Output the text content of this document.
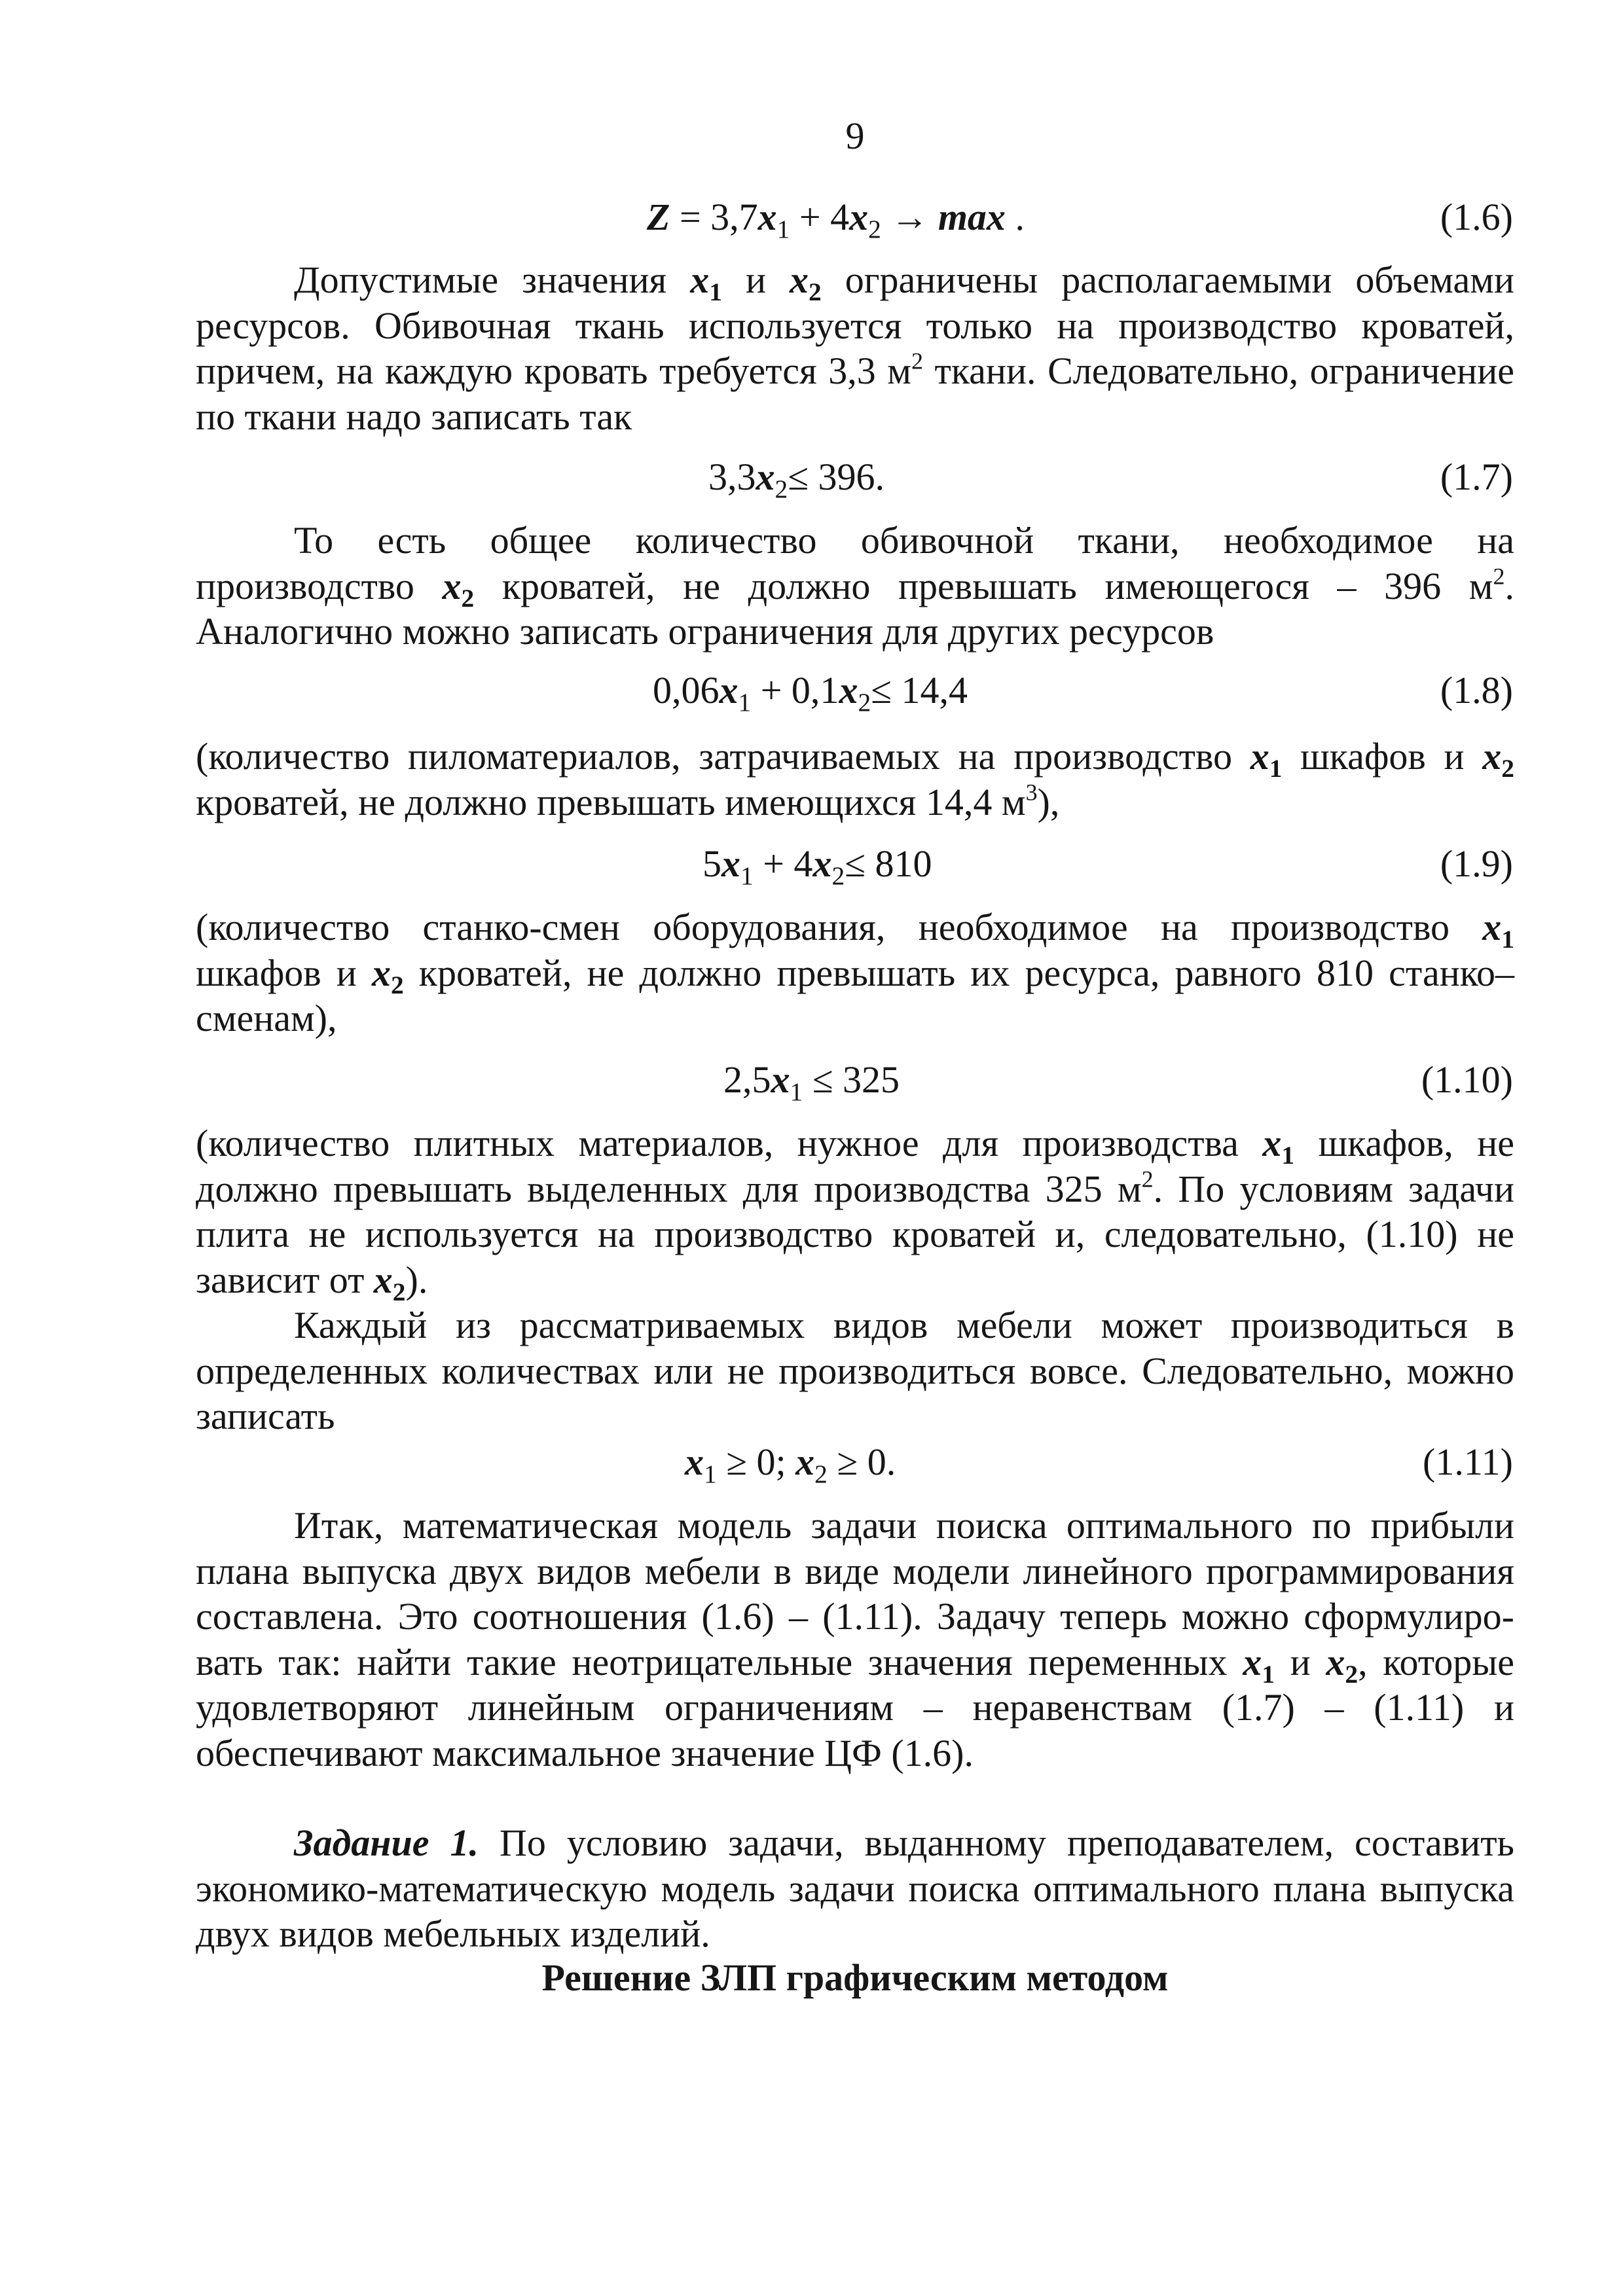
9
$Z = 3,7x_1 + 4x_2 \to \max$ .	(1.6)
Допустимые значения $x_1$ и $x_2$ ограничены располагаемыми объемами
ресурсов. Обивочная ткань используется только на производство кроватей,
причем, на каждую кровать требуется 3,3 $м^2$ ткани. Следовательно, ограничение
по ткани надо записать так
$3,3x_2\le 396$.	(1.7)
То есть общее количество обивочной ткани, необходимое на
производство $x_2$ кроватей, не должно превышать имеющегося – 396 $м^2$.
Аналогично можно записать ограничения для других ресурсов
$0,06x_1 + 0,1x_2\le 14,4$	(1.8)
(количество пиломатериалов, затрачиваемых на производство $x_1$ шкафов и $x_2$
кроватей, не должно превышать имеющихся 14,4 $м^3$),
$5x_1 + 4x_2\le 810$	(1.9)
(количество станко-смен оборудования, необходимое на производство $x_1$
шкафов и $x_2$ кроватей, не должно превышать их ресурса, равного 810 станко–
сменам),
$2,5x_1 \le 325$	(1.10)
(количество плитных материалов, нужное для производства $x_1$ шкафов, не
должно превышать выделенных для производства 325 $м^2$. По условиям задачи
плита не используется на производство кроватей и, следовательно, (1.10) не
зависит от $x_2$).
Каждый из рассматриваемых видов мебели может производиться в
определенных количествах или не производиться вовсе. Следовательно, можно
записать
$x_1 \ge 0$; $x_2 \ge 0$.	(1.11)
Итак, математическая модель задачи поиска оптимального по прибыли
плана выпуска двух видов мебели в виде модели линейного программирования
составлена. Это соотношения (1.6) – (1.11). Задачу теперь можно сформулиро-
вать так: найти такие неотрицательные значения переменных $x_1$ и $x_2$, которые
удовлетворяют линейным ограничениям – неравенствам (1.7) – (1.11) и
обеспечивают максимальное значение ЦФ (1.6).
Задание 1. По условию задачи, выданному преподавателем, составить
экономико-математическую модель задачи поиска оптимального плана выпуска
двух видов мебельных изделий.
Решение ЗЛП графическим методом
